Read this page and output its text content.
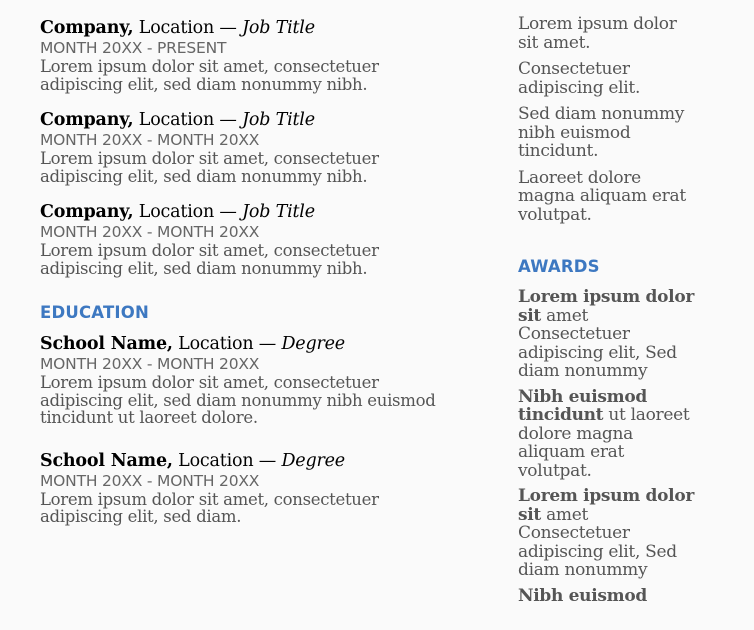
Company, Location — Job Title
MONTH 20XX - PRESENT
Lorem ipsum dolor sit amet, consectetuer
adipiscing elit, sed diam nonummy nibh.
Company, Location — Job Title
MONTH 20XX - MONTH 20XX
Lorem ipsum dolor sit amet, consectetuer
adipiscing elit, sed diam nonummy nibh.
Company, Location — Job Title
MONTH 20XX - MONTH 20XX
Lorem ipsum dolor sit amet, consectetuer
adipiscing elit, sed diam nonummy nibh.
EDUCATION
School Name, Location — Degree
MONTH 20XX - MONTH 20XX
Lorem ipsum dolor sit amet, consectetuer
adipiscing elit, sed diam nonummy nibh euismod
tincidunt ut laoreet dolore.
School Name, Location — Degree
MONTH 20XX - MONTH 20XX
Lorem ipsum dolor sit amet, consectetuer
adipiscing elit, sed diam.
Lorem ipsum dolor
sit amet.
Consectetuer
adipiscing elit.
Sed diam nonummy
nibh euismod
tincidunt.
Laoreet dolore
magna aliquam erat
volutpat.
AWARDS
Lorem ipsum dolor
sit amet
Consectetuer
adipiscing elit, Sed
diam nonummy
Nibh euismod
tincidunt ut laoreet
dolore magna
aliquam erat
volutpat.
Lorem ipsum dolor
sit amet
Consectetuer
adipiscing elit, Sed
diam nonummy
Nibh euismod
